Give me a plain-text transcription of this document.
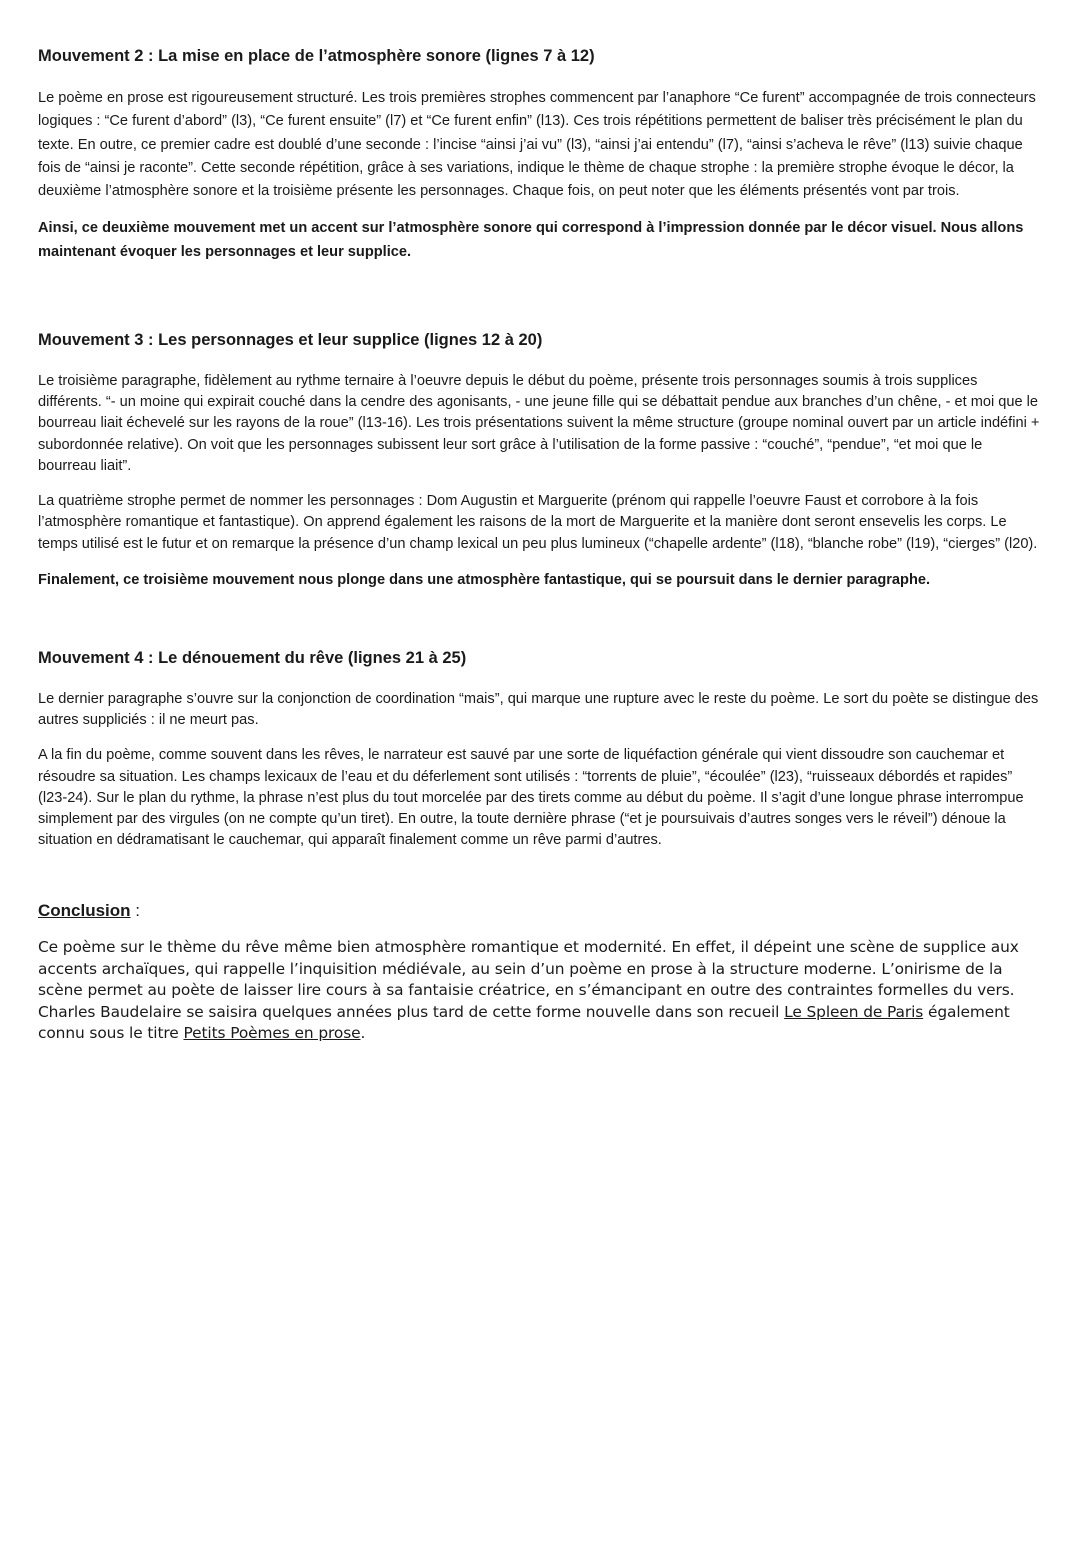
Mouvement 2 : La mise en place de l’atmosphère sonore (lignes 7 à 12)

Le poème en prose est rigoureusement structuré. Les trois premières strophes commencent par l’anaphore “Ce furent” accompagnée de trois connecteurs logiques : “Ce furent d’abord” (l3), “Ce furent ensuite” (l7) et “Ce furent enfin” (l13). Ces trois répétitions permettent de baliser très précisément le plan du texte. En outre, ce premier cadre est doublé d’une seconde : l’incise “ainsi j’ai vu” (l3), “ainsi j’ai entendu” (l7), “ainsi s’acheva le rêve” (l13) suivie chaque fois de “ainsi je raconte”. Cette seconde répétition, grâce à ses variations, indique le thème de chaque strophe : la première strophe évoque le décor, la deuxième l’atmosphère sonore et la troisième présente les personnages. Chaque fois, on peut noter que les éléments présentés vont par trois.

Ainsi, ce deuxième mouvement met un accent sur l’atmosphère sonore qui correspond à l’impression donnée par le décor visuel. Nous allons maintenant évoquer les personnages et leur supplice.

Mouvement 3 : Les personnages et leur supplice (lignes 12 à 20)

Le troisième paragraphe, fidèlement au rythme ternaire à l’oeuvre depuis le début du poème, présente trois personnages soumis à trois supplices différents. “- un moine qui expirait couché dans la cendre des agonisants, - une jeune fille qui se débattait pendue aux branches d’un chêne, - et moi que le bourreau liait échevelé sur les rayons de la roue” (l13-16). Les trois présentations suivent la même structure (groupe nominal ouvert par un article indéfini + subordonnée relative). On voit que les personnages subissent leur sort grâce à l’utilisation de la forme passive : “couché”, “pendue”, “et moi que le bourreau liait”.

La quatrième strophe permet de nommer les personnages : Dom Augustin et Marguerite (prénom qui rappelle l’oeuvre Faust et corrobore à la fois l’atmosphère romantique et fantastique). On apprend également les raisons de la mort de Marguerite et la manière dont seront ensevelis les corps. Le temps utilisé est le futur et on remarque la présence d’un champ lexical un peu plus lumineux (“chapelle ardente” (l18), “blanche robe” (l19), “cierges” (l20).

Finalement, ce troisième mouvement nous plonge dans une atmosphère fantastique, qui se poursuit dans le dernier paragraphe.

Mouvement 4 : Le dénouement du rêve (lignes 21 à 25)

Le dernier paragraphe s’ouvre sur la conjonction de coordination “mais”, qui marque une rupture avec le reste du poème. Le sort du poète se distingue des autres suppliciés : il ne meurt pas.

A la fin du poème, comme souvent dans les rêves, le narrateur est sauvé par une sorte de liquéfaction générale qui vient dissoudre son cauchemar et résoudre sa situation. Les champs lexicaux de l’eau et du déferlement sont utilisés : “torrents de pluie”, “écoulée” (l23), “ruisseaux débordés et rapides” (l23-24). Sur le plan du rythme, la phrase n’est plus du tout morcelée par des tirets comme au début du poème. Il s’agit d’une longue phrase interrompue simplement par des virgules (on ne compte qu’un tiret). En outre, la toute dernière phrase (“et je poursuivais d’autres songes vers le réveil”) dénoue la situation en dédramatisant le cauchemar, qui apparaît finalement comme un rêve parmi d’autres.

Conclusion :

Ce poème sur le thème du rêve même bien atmosphère romantique et modernité. En effet, il dépeint une scène de supplice aux accents archaïques, qui rappelle l’inquisition médiévale, au sein d’un poème en prose à la structure moderne. L’onirisme de la scène permet au poète de laisser lire cours à sa fantaisie créatrice, en s’émancipant en outre des contraintes formelles du vers. Charles Baudelaire se saisira quelques années plus tard de cette forme nouvelle dans son recueil Le Spleen de Paris également connu sous le titre Petits Poèmes en prose.
